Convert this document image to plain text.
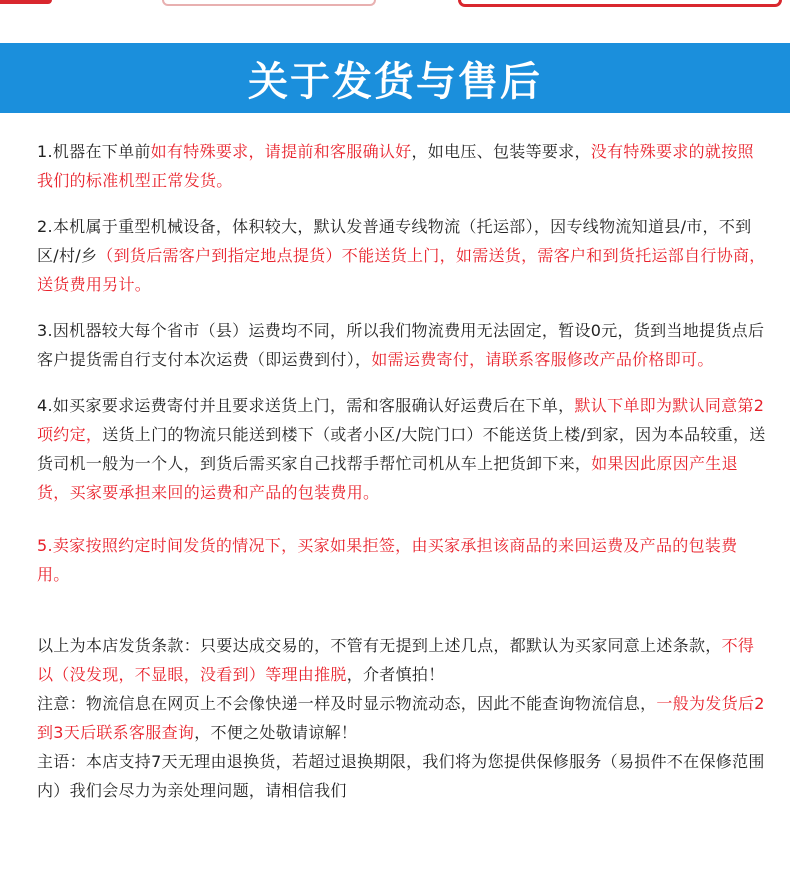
关于发货与售后

1.机器在下单前如有特殊要求，请提前和客服确认好，如电压、包装等要求，没有特殊要求的就按照我们的标准机型正常发货。

2.本机属于重型机械设备，体积较大，默认发普通专线物流（托运部），因专线物流知道县/市，不到区/村/乡（到货后需客户到指定地点提货）不能送货上门，如需送货，需客户和到货托运部自行协商，送货费用另计。

3.因机器较大每个省市（县）运费均不同，所以我们物流费用无法固定，暂设0元，货到当地提货点后客户提货需自行支付本次运费（即运费到付），如需运费寄付，请联系客服修改产品价格即可。

4.如买家要求运费寄付并且要求送货上门，需和客服确认好运费后在下单，默认下单即为默认同意第2项约定，送货上门的物流只能送到楼下（或者小区/大院门口）不能送货上楼/到家，因为本品较重，送货司机一般为一个人，到货后需买家自己找帮手帮忙司机从车上把货卸下来，如果因此原因产生退货，买家要承担来回的运费和产品的包装费用。

5.卖家按照约定时间发货的情况下，买家如果拒签，由买家承担该商品的来回运费及产品的包装费用。

以上为本店发货条款：只要达成交易的，不管有无提到上述几点，都默认为买家同意上述条款，不得以（没发现，不显眼，没看到）等理由推脱，介者慎拍！

注意：物流信息在网页上不会像快递一样及时显示物流动态，因此不能查询物流信息，一般为发货后2到3天后联系客服查询，不便之处敬请谅解！

主语：本店支持7天无理由退换货，若超过退换期限，我们将为您提供保修服务（易损件不在保修范围内）我们会尽力为亲处理问题，请相信我们
